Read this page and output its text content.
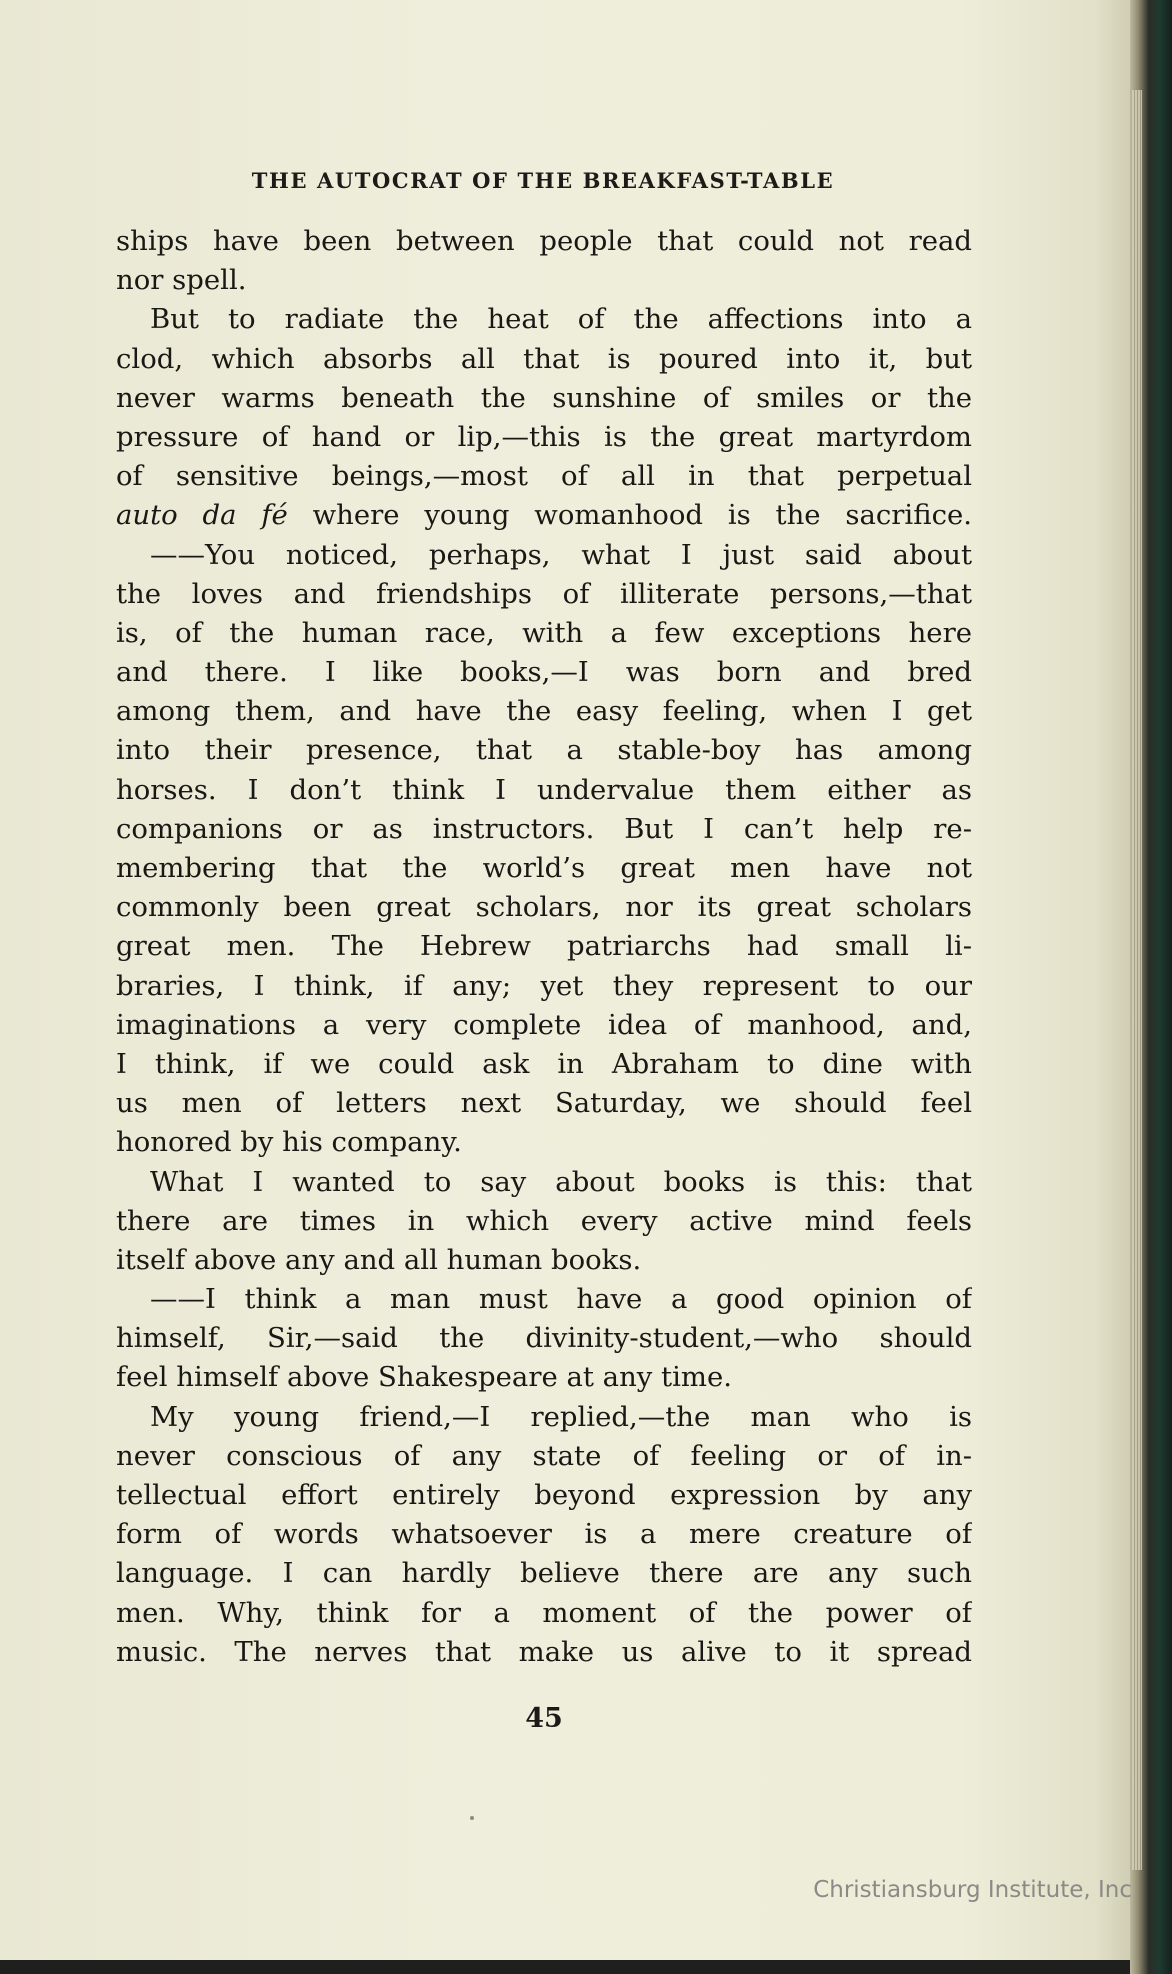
THE AUTOCRAT OF THE BREAKFAST-TABLE
ships have been between people that could not read
nor spell.
But to radiate the heat of the affections into a
clod, which absorbs all that is poured into it, but
never warms beneath the sunshine of smiles or the
pressure of hand or lip,—this is the great martyrdom
of sensitive beings,—most of all in that perpetual
auto da fé where young womanhood is the sacrifice.
——You noticed, perhaps, what I just said about
the loves and friendships of illiterate persons,—that
is, of the human race, with a few exceptions here
and there. I like books,—I was born and bred
among them, and have the easy feeling, when I get
into their presence, that a stable-boy has among
horses. I don’t think I undervalue them either as
companions or as instructors. But I can’t help re-
membering that the world’s great men have not
commonly been great scholars, nor its great scholars
great men. The Hebrew patriarchs had small li-
braries, I think, if any; yet they represent to our
imaginations a very complete idea of manhood, and,
I think, if we could ask in Abraham to dine with
us men of letters next Saturday, we should feel
honored by his company.
What I wanted to say about books is this: that
there are times in which every active mind feels
itself above any and all human books.
——I think a man must have a good opinion of
himself, Sir,—said the divinity-student,—who should
feel himself above Shakespeare at any time.
My young friend,—I replied,—the man who is
never conscious of any state of feeling or of in-
tellectual effort entirely beyond expression by any
form of words whatsoever is a mere creature of
language. I can hardly believe there are any such
men. Why, think for a moment of the power of
music. The nerves that make us alive to it spread
45
Christiansburg Institute, Inc
